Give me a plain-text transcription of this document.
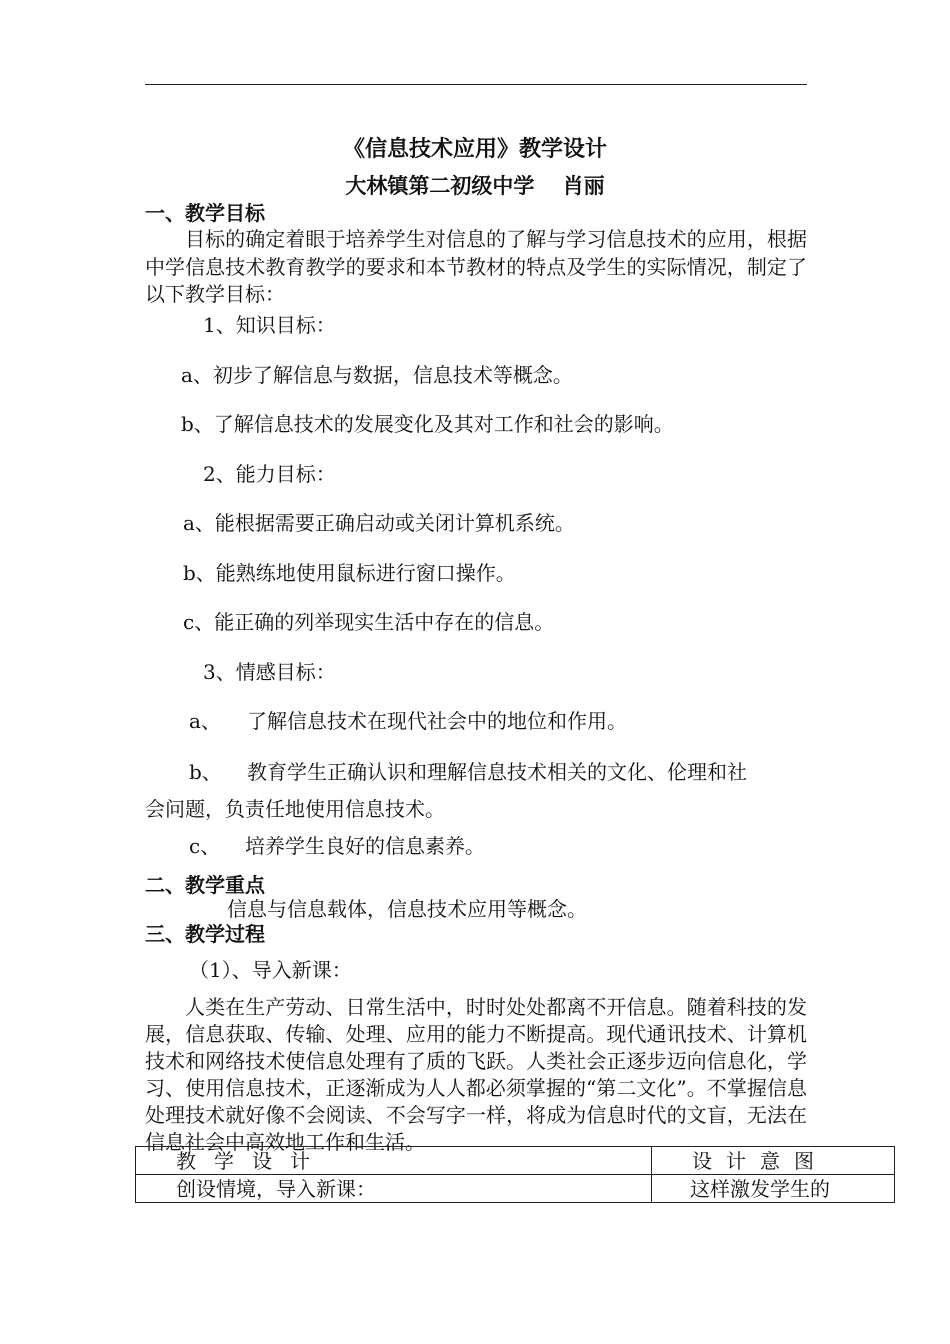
《信息技术应用》教学设计
大林镇第二初级中学　 肖丽
一、教学目标
目标的确定着眼于培养学生对信息的了解与学习信息技术的应用，根据中学信息技术教育教学的要求和本节教材的特点及学生的实际情况，制定了以下教学目标：
1、知识目标：
a、初步了解信息与数据，信息技术等概念。
b、了解信息技术的发展变化及其对工作和社会的影响。
2、能力目标：
a、能根据需要正确启动或关闭计算机系统。
b、能熟练地使用鼠标进行窗口操作。
c、能正确的列举现实生活中存在的信息。
3、情感目标：
a、 了解信息技术在现代社会中的地位和作用。
b、 教育学生正确认识和理解信息技术相关的文化、伦理和社
会问题，负责任地使用信息技术。
c、 培养学生良好的信息素养。
二、教学重点
信息与信息载体，信息技术应用等概念。
三、教学过程
（1）、导入新课：
人类在生产劳动、日常生活中，时时处处都离不开信息。随着科技的发展，信息获取、传输、处理、应用的能力不断提高。现代通讯技术、计算机技术和网络技术使信息处理有了质的飞跃。人类社会正逐步迈向信息化，学习、使用信息技术，正逐渐成为人人都必须掌握的“第二文化”。不掌握信息处理技术就好像不会阅读、不会写字一样，将成为信息时代的文盲，无法在信息社会中高效地工作和生活。
教学设计	设计意图
创设情境，导入新课：	这样激发学生的
